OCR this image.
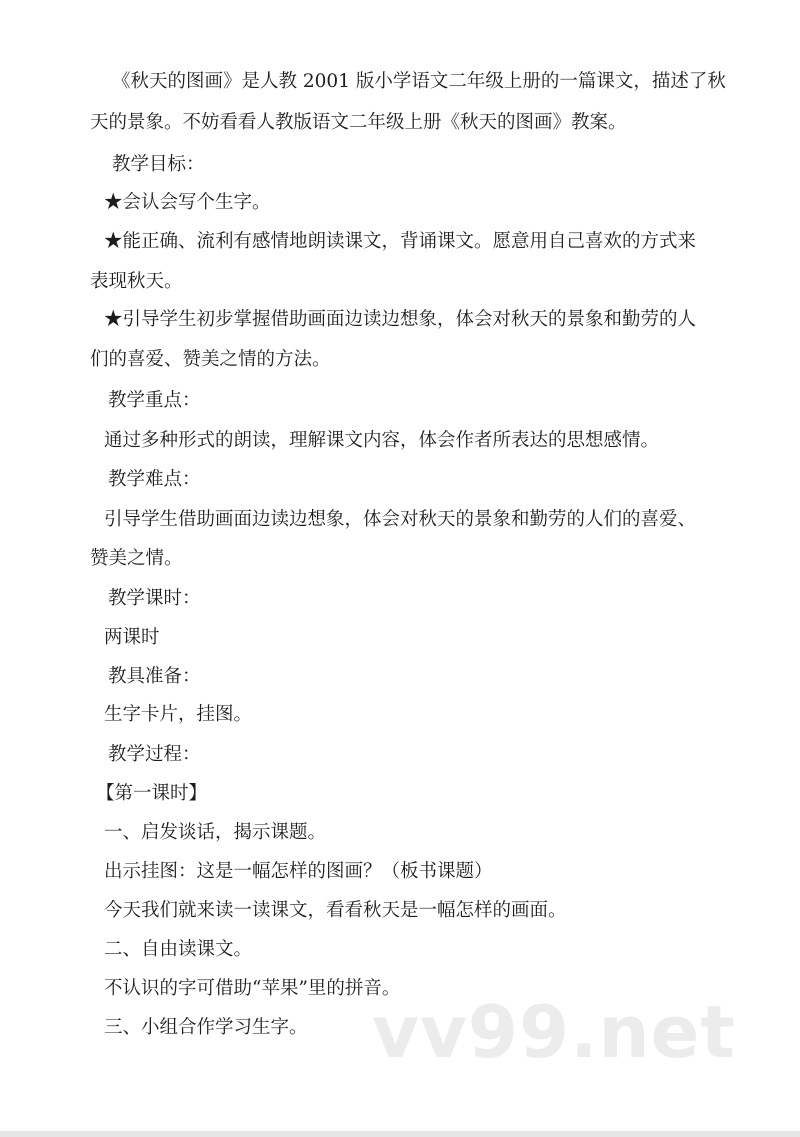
《秋天的图画》是人教 2001 版小学语文二年级上册的一篇课文，描述了秋
天的景象。不妨看看人教版语文二年级上册《秋天的图画》教案。
教学目标：
★会认会写个生字。
★能正确、流利有感情地朗读课文，背诵课文。愿意用自己喜欢的方式来
表现秋天。
★引导学生初步掌握借助画面边读边想象，体会对秋天的景象和勤劳的人
们的喜爱、赞美之情的方法。
教学重点：
通过多种形式的朗读，理解课文内容，体会作者所表达的思想感情。
教学难点：
引导学生借助画面边读边想象，体会对秋天的景象和勤劳的人们的喜爱、
赞美之情。
教学课时：
两课时
教具准备：
生字卡片，挂图。
教学过程：
【第一课时】
一、启发谈话，揭示课题。
出示挂图：这是一幅怎样的图画？（板书课题）
今天我们就来读一读课文，看看秋天是一幅怎样的画面。
二、自由读课文。
不认识的字可借助“苹果”里的拼音。
三、小组合作学习生字。 vv99.net
